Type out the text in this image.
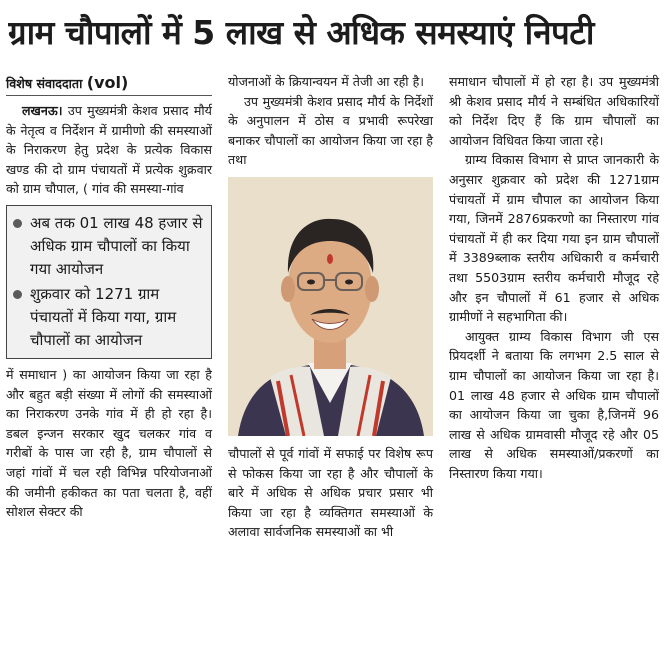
ग्राम चौपालों में 5 लाख से अधिक समस्याएं निपटी
विशेष संवाददाता (vol)

लखनऊ। उप मुख्यमंत्री केशव प्रसाद मौर्य के नेतृत्व व निर्देशन में ग्रामीणो की समस्याओं के निराकरण हेतु प्रदेश के प्रत्येक विकास खण्ड की दो ग्राम पंचायतों में प्रत्येक शुक्रवार को ग्राम चौपाल, ( गांव की समस्या-गांव

अब तक 01 लाख 48 हजार से अधिक ग्राम चौपालों का किया गया आयोजन
शुक्रवार को 1271 ग्राम पंचायतों में किया गया, ग्राम चौपालों का आयोजन

में समाधान ) का आयोजन किया जा रहा है और बहुत बड़ी संख्या में लोगों की समस्याओं का निराकरण उनके गांव में ही हो रहा है। डबल इन्जन सरकार खुद चलकर गांव व गरीबों के पास जा रही है, ग्राम चौपालों से जहां गांवों में चल रही विभिन्न परियोजनाओं की जमीनी हकीकत का पता चलता है, वहीं सोशल सेक्टर की

योजनाओं के क्रियान्वयन में तेजी आ रही है।

उप मुख्यमंत्री केशव प्रसाद मौर्य के निर्देशों के अनुपालन में ठोस व प्रभावी रूपरेखा बनाकर चौपालों का आयोजन किया जा रहा है तथा

चौपालों से पूर्व गांवों में सफाई पर विशेष रूप से फोकस किया जा रहा है और चौपालों के बारे में अधिक से अधिक प्रचार प्रसार भी किया जा रहा है व्यक्तिगत समस्याओं के अलावा सार्वजनिक समस्याओं का भी

समाधान चौपालों में हो रहा है। उप मुख्यमंत्री श्री केशव प्रसाद मौर्य ने सम्बंधित अधिकारियों को निर्देश दिए हैं कि ग्राम चौपालों का आयोजन विधिवत किया जाता रहे।

ग्राम्य विकास विभाग से प्राप्त जानकारी के अनुसार शुक्रवार को प्रदेश की 1271ग्राम पंचायतों में ग्राम चौपाल का आयोजन किया गया, जिनमें 2876प्रकरणो का निस्तारण गांव पंचायतों में ही कर दिया गया इन ग्राम चौपालों में 3389ब्लाक स्तरीय अधिकारी व कर्मचारी तथा 5503ग्राम स्तरीय कर्मचारी मौजूद रहे और इन चौपालों में 61 हजार से अधिक ग्रामीणों ने सहभागिता की।

आयुक्त ग्राम्य विकास विभाग जी एस प्रियदर्शी ने बताया कि लगभग 2.5 साल से ग्राम चौपालों का आयोजन किया जा रहा है। 01 लाख 48 हजार से अधिक ग्राम चौपालों का आयोजन किया जा चुका है,जिनमें 96 लाख से अधिक ग्रामवासी मौजूद रहे और 05 लाख से अधिक समस्याओं/प्रकरणों का निस्तारण किया गया।
